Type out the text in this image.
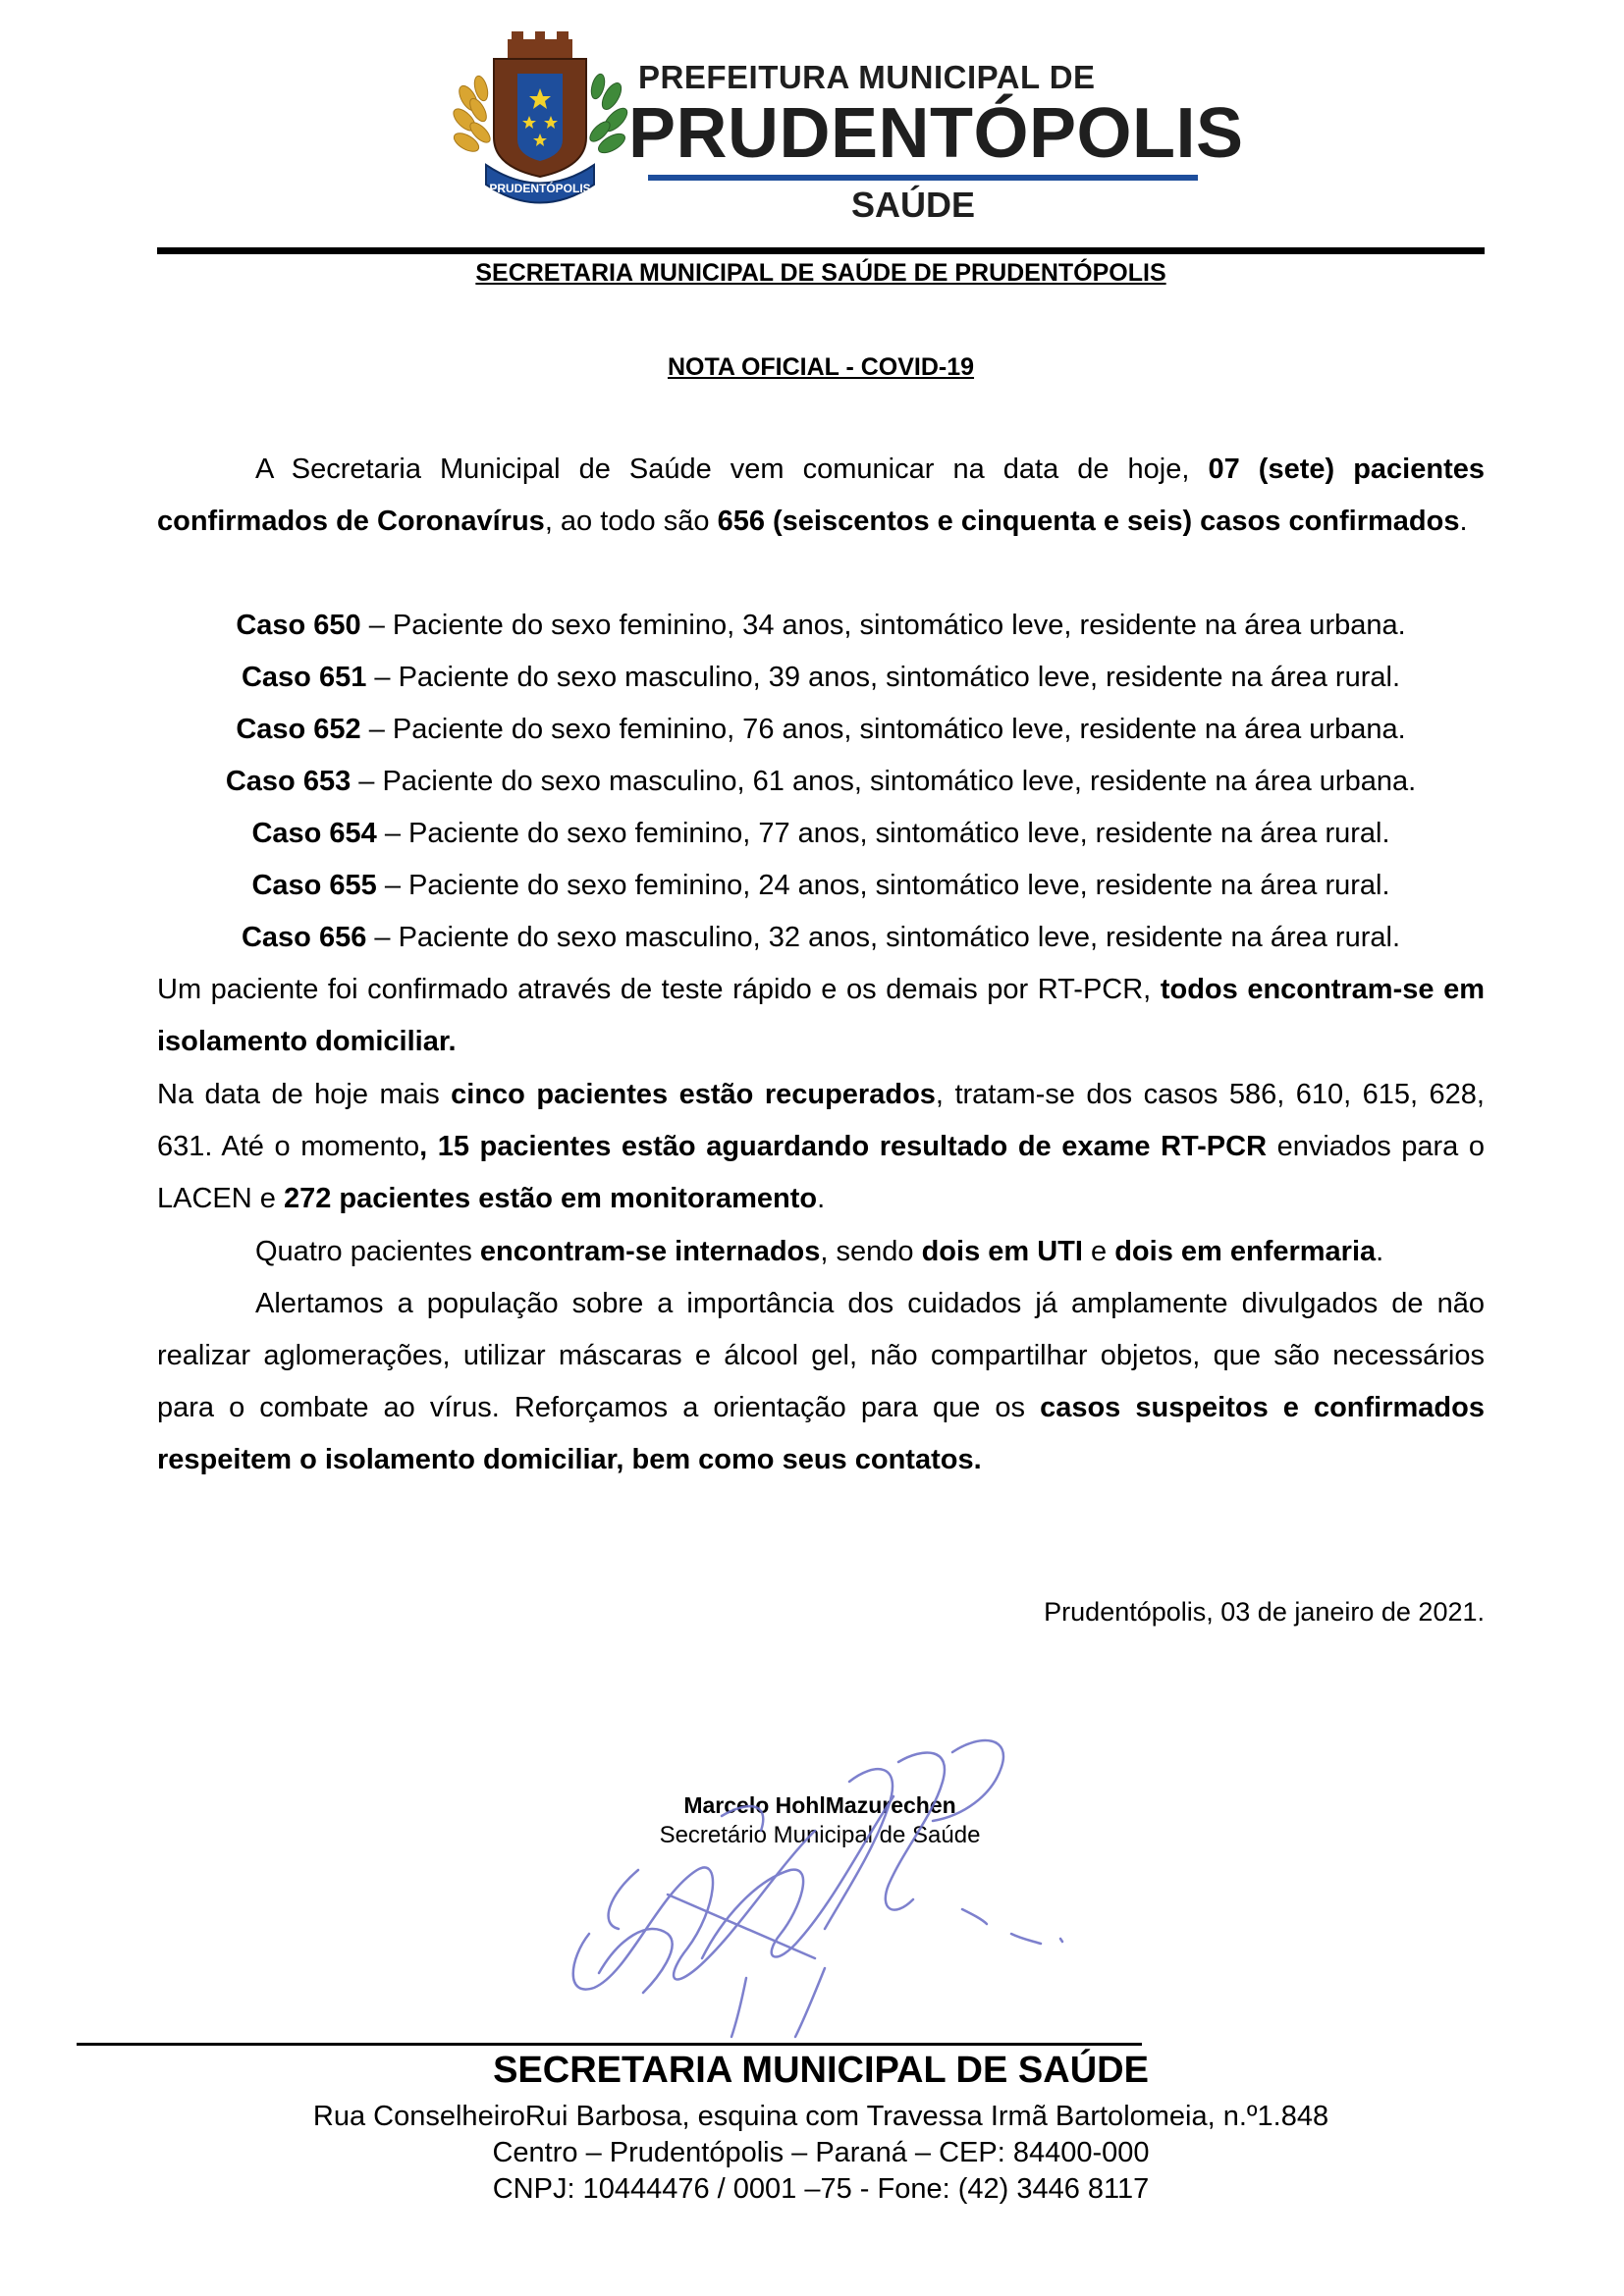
PRUDENTÓPOLIS
PREFEITURA MUNICIPAL DE
PRUDENTÓPOLIS
SAÚDE
SECRETARIA MUNICIPAL DE SAÚDE DE PRUDENTÓPOLIS
NOTA OFICIAL - COVID-19
A Secretaria Municipal de Saúde vem comunicar na data de hoje, 07 (sete) pacientes confirmados de Coronavírus, ao todo são 656 (seiscentos e cinquenta e seis) casos confirmados.
Caso 650 – Paciente do sexo feminino, 34 anos, sintomático leve, residente na área urbana.
Caso 651 – Paciente do sexo masculino, 39 anos, sintomático leve, residente na área rural.
Caso 652 – Paciente do sexo feminino, 76 anos, sintomático leve, residente na área urbana.
Caso 653 – Paciente do sexo masculino, 61 anos, sintomático leve, residente na área urbana.
Caso 654 – Paciente do sexo feminino, 77 anos, sintomático leve, residente na área rural.
Caso 655 – Paciente do sexo feminino, 24 anos, sintomático leve, residente na área rural.
Caso 656 – Paciente do sexo masculino, 32 anos, sintomático leve, residente na área rural.
Um paciente foi confirmado através de teste rápido e os demais por RT-PCR, todos encontram-se em isolamento domiciliar.
Na data de hoje mais cinco pacientes estão recuperados, tratam-se dos casos 586, 610, 615, 628, 631. Até o momento, 15 pacientes estão aguardando resultado de exame RT-PCR enviados para o LACEN e 272 pacientes estão em monitoramento.
Quatro pacientes encontram-se internados, sendo dois em UTI e dois em enfermaria.
Alertamos a população sobre a importância dos cuidados já amplamente divulgados de não realizar aglomerações, utilizar máscaras e álcool gel, não compartilhar objetos, que são necessários para o combate ao vírus. Reforçamos a orientação para que os casos suspeitos e confirmados respeitem o isolamento domiciliar, bem como seus contatos.
Prudentópolis, 03 de janeiro de 2021.
Marcelo HohlMazurechen
Secretário Municipal de Saúde
SECRETARIA MUNICIPAL DE SAÚDE
Rua ConselheiroRui Barbosa, esquina com Travessa Irmã Bartolomeia, n.º1.848
Centro – Prudentópolis – Paraná – CEP: 84400-000
CNPJ: 10444476 / 0001 –75 - Fone: (42) 3446 8117
